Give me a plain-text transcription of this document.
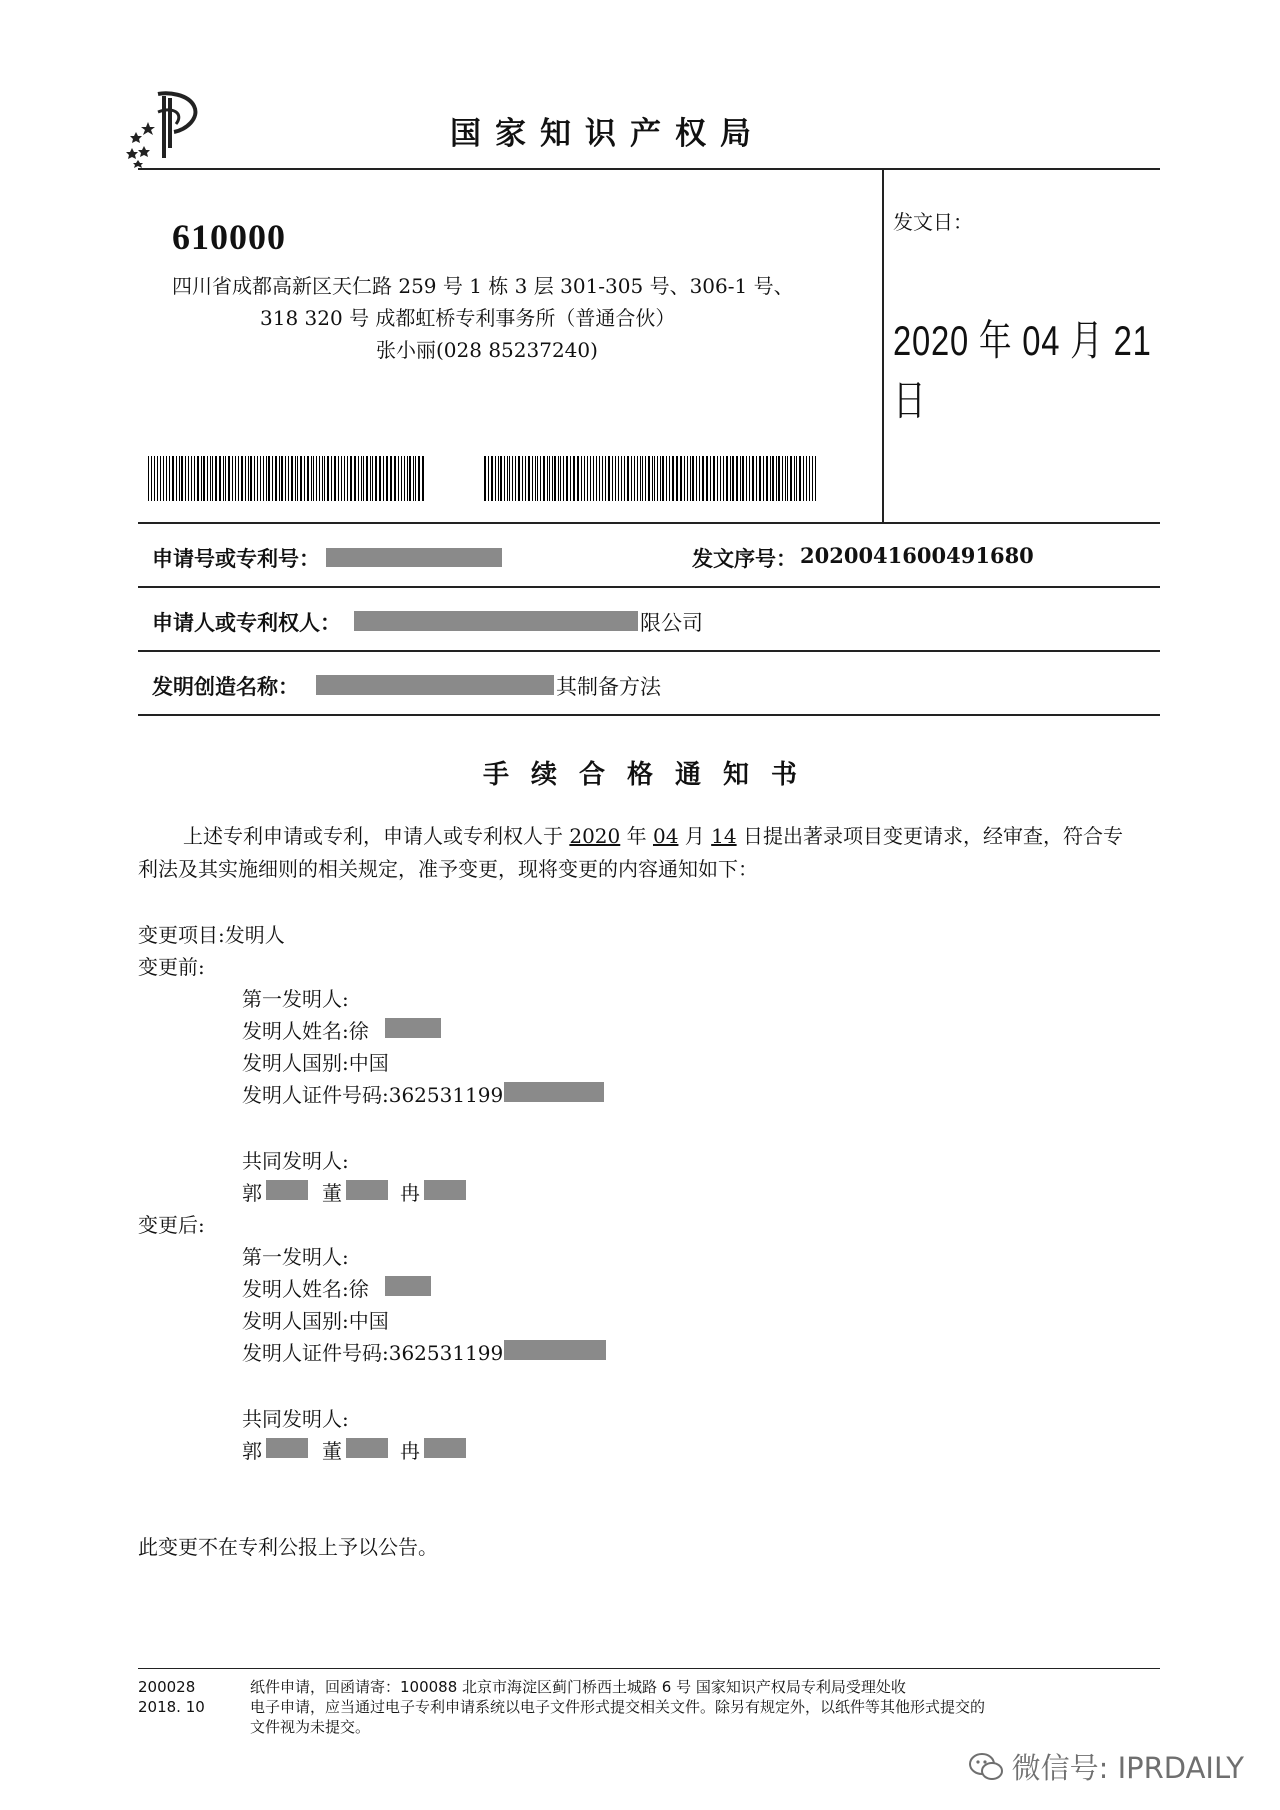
国家知识产权局
610000
四川省成都高新区天仁路 259 号 1 栋 3 层 301-305 号、306-1 号、
318 320 号 成都虹桥专利事务所（普通合伙）
张小丽(028 85237240)
发文日：
2020 年 04 月 21 日
申请号或专利号：	发文序号： 2020041600491680
申请人或专利权人：	限公司
发明创造名称：	其制备方法
手续合格通知书
上述专利申请或专利，申请人或专利权人于 2020 年 04 月 14 日提出著录项目变更请求，经审查，符合专
利法及其实施细则的相关规定，准予变更，现将变更的内容通知如下：
变更项目:发明人
变更前:
第一发明人:
发明人姓名:徐
发明人国别:中国
发明人证件号码:362531199
共同发明人:
郭	董	冉
变更后:
第一发明人:
发明人姓名:徐
发明人国别:中国
发明人证件号码:362531199
共同发明人:
郭	董	冉
此变更不在专利公报上予以公告。
200028
2018. 10
纸件申请，回函请寄：100088 北京市海淀区蓟门桥西土城路 6 号 国家知识产权局专利局受理处收
电子申请，应当通过电子专利申请系统以电子文件形式提交相关文件。除另有规定外，以纸件等其他形式提交的
文件视为未提交。
微信号: IPRDAILY
